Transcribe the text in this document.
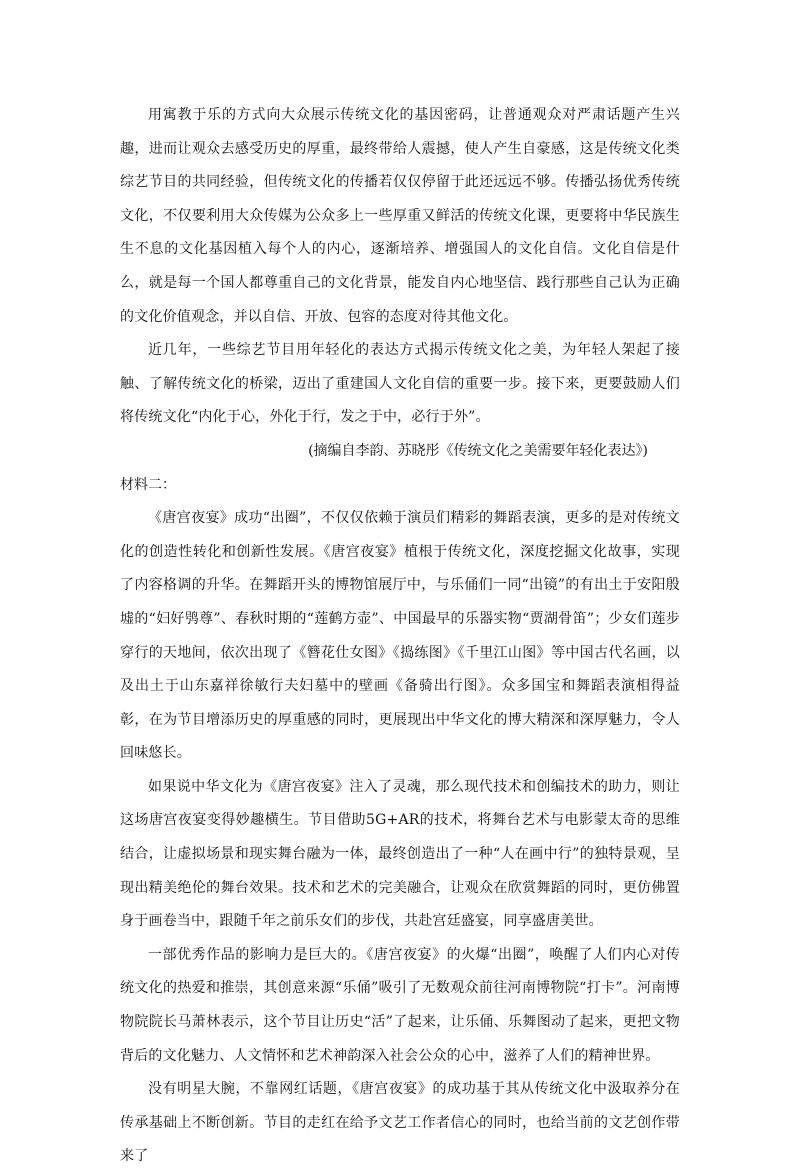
用寓教于乐的方式向大众展示传统文化的基因密码，让普通观众对严肃话题产生兴趣，进而让观众去感受历史的厚重，最终带给人震撼，使人产生自豪感，这是传统文化类综艺节目的共同经验，但传统文化的传播若仅仅停留于此还远远不够。传播弘扬优秀传统文化，不仅要利用大众传媒为公众多上一些厚重又鲜活的传统文化课，更要将中华民族生生不息的文化基因植入每个人的内心，逐渐培养、增强国人的文化自信。文化自信是什么，就是每一个国人都尊重自己的文化背景，能发自内心地坚信、践行那些自己认为正确的文化价值观念，并以自信、开放、包容的态度对待其他文化。

近几年，一些综艺节目用年轻化的表达方式揭示传统文化之美，为年轻人架起了接触、了解传统文化的桥梁，迈出了重建国人文化自信的重要一步。接下来，更要鼓励人们将传统文化“内化于心，外化于行，发之于中，必行于外”。

(摘编自李韵、苏晓彤《传统文化之美需要年轻化表达》)

材料二：

《唐宫夜宴》成功“出圈”，不仅仅依赖于演员们精彩的舞蹈表演，更多的是对传统文化的创造性转化和创新性发展。《唐宫夜宴》植根于传统文化，深度挖掘文化故事，实现了内容格调的升华。在舞蹈开头的博物馆展厅中，与乐俑们一同“出镜”的有出土于安阳殷墟的“妇好鸮尊”、春秋时期的“莲鹤方壶”、中国最早的乐器实物“贾湖骨笛”；少女们莲步穿行的天地间，依次出现了《簪花仕女图》《捣练图》《千里江山图》等中国古代名画，以及出土于山东嘉祥徐敏行夫妇墓中的壁画《备骑出行图》。众多国宝和舞蹈表演相得益彰，在为节目增添历史的厚重感的同时，更展现出中华文化的博大精深和深厚魅力，令人回味悠长。

如果说中华文化为《唐宫夜宴》注入了灵魂，那么现代技术和创编技术的助力，则让这场唐宫夜宴变得妙趣横生。节目借助5G+AR的技术，将舞台艺术与电影蒙太奇的思维结合，让虚拟场景和现实舞台融为一体，最终创造出了一种“人在画中行”的独特景观，呈现出精美绝伦的舞台效果。技术和艺术的完美融合，让观众在欣赏舞蹈的同时，更仿佛置身于画卷当中，跟随千年之前乐女们的步伐，共赴宫廷盛宴，同享盛唐美世。

一部优秀作品的影响力是巨大的。《唐宫夜宴》的火爆“出圈”，唤醒了人们内心对传统文化的热爱和推崇，其创意来源“乐俑”吸引了无数观众前往河南博物院“打卡”。河南博物院院长马萧林表示，这个节目让历史“活”了起来，让乐俑、乐舞图动了起来，更把文物背后的文化魅力、人文情怀和艺术神韵深入社会公众的心中，滋养了人们的精神世界。

没有明星大腕，不靠网红话题，《唐宫夜宴》的成功基于其从传统文化中汲取养分在传承基础上不断创新。节目的走红在给予文艺工作者信心的同时，也给当前的文艺创作带来了
